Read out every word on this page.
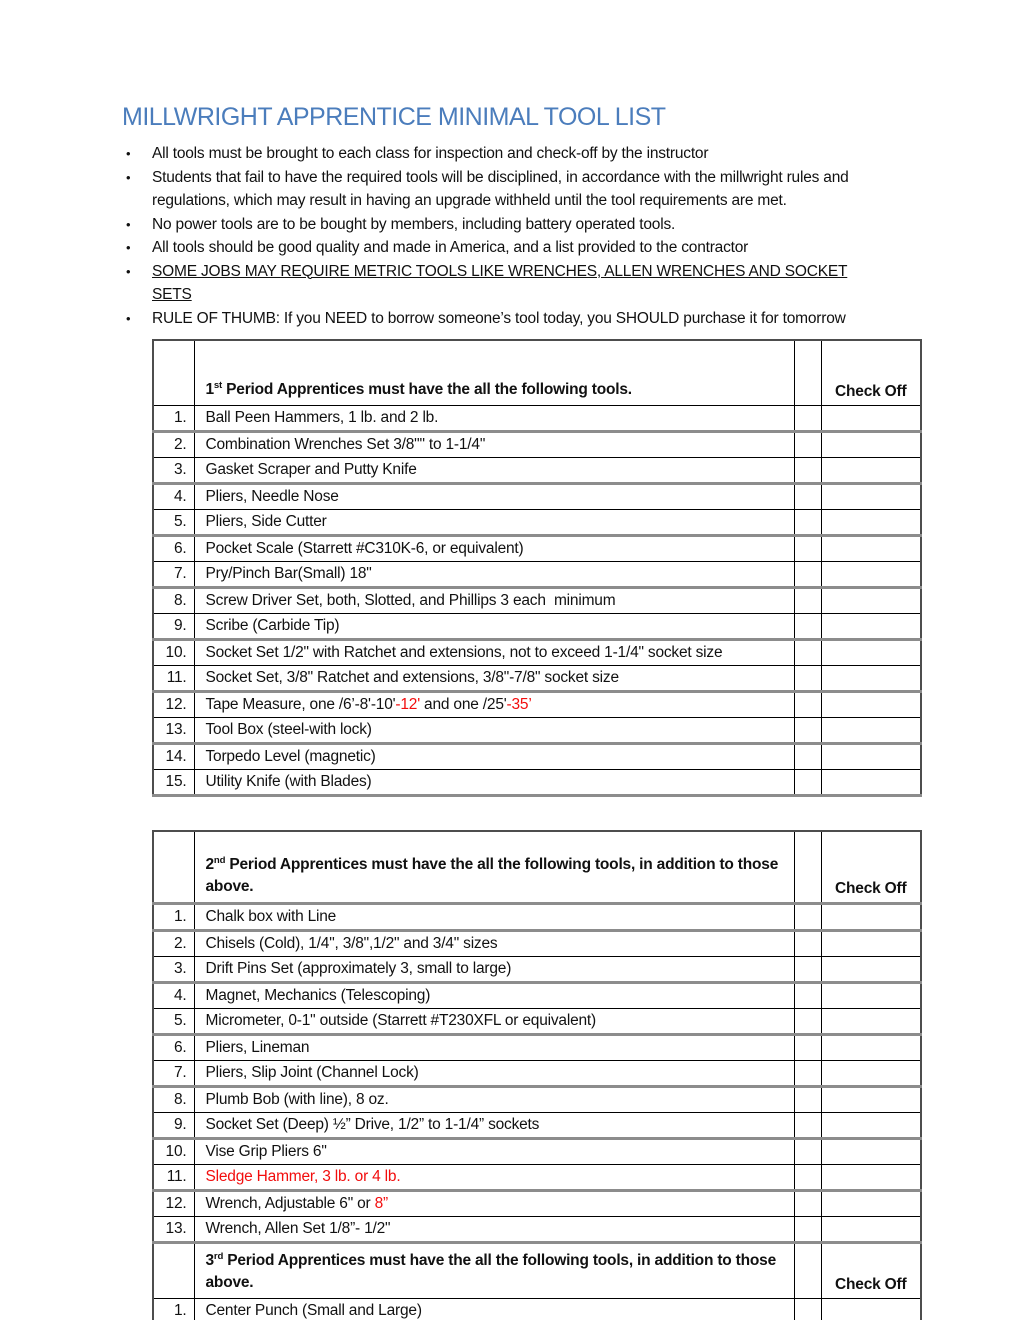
MILLWRIGHT APPRENTICE MINIMAL TOOL LIST
• All tools must be brought to each class for inspection and check-off by the instructor
• Students that fail to have the required tools will be disciplined, in accordance with the millwright rules and regulations, which may result in having an upgrade withheld until the tool requirements are met.
• No power tools are to be bought by members, including battery operated tools.
• All tools should be good quality and made in America, and a list provided to the contractor
• SOME JOBS MAY REQUIRE METRIC TOOLS LIKE WRENCHES, ALLEN WRENCHES AND SOCKET SETS
• RULE OF THUMB: If you NEED to borrow someone’s tool today, you SHOULD purchase it for tomorrow
	1st Period Apprentices must have the all the following tools.		Check Off
1.	Ball Peen Hammers, 1 lb. and 2 lb.		
2.	Combination Wrenches Set 3/8"" to 1-1/4"		
3.	Gasket Scraper and Putty Knife		
4.	Pliers, Needle Nose		
5.	Pliers, Side Cutter		
6.	Pocket Scale (Starrett #C310K-6, or equivalent)		
7.	Pry/Pinch Bar(Small) 18"		
8.	Screw Driver Set, both, Slotted, and Phillips 3 each  minimum		
9.	Scribe (Carbide Tip)		
10.	Socket Set 1/2" with Ratchet and extensions, not to exceed 1-1/4" socket size		
11.	Socket Set, 3/8" Ratchet and extensions, 3/8"-7/8" socket size		
12.	Tape Measure, one /6’-8'-10'-12' and one /25'-35’		
13.	Tool Box (steel-with lock)		
14.	Torpedo Level (magnetic)		
15.	Utility Knife (with Blades)		
	2nd Period Apprentices must have the all the following tools, in addition to those above.		Check Off
1.	Chalk box with Line		
2.	Chisels (Cold), 1/4", 3/8",1/2" and 3/4" sizes		
3.	Drift Pins Set (approximately 3, small to large)		
4.	Magnet, Mechanics (Telescoping)		
5.	Micrometer, 0-1" outside (Starrett #T230XFL or equivalent)		
6.	Pliers, Lineman		
7.	Pliers, Slip Joint (Channel Lock)		
8.	Plumb Bob (with line), 8 oz.		
9.	Socket Set (Deep) ½” Drive, 1/2” to 1-1/4” sockets		
10.	Vise Grip Pliers 6"		
11.	Sledge Hammer, 3 lb. or 4 lb.		
12.	Wrench, Adjustable 6" or 8”		
13.	Wrench, Allen Set 1/8”- 1/2"		
	3rd Period Apprentices must have the all the following tools, in addition to those above.		Check Off
1.	Center Punch (Small and Large)		
